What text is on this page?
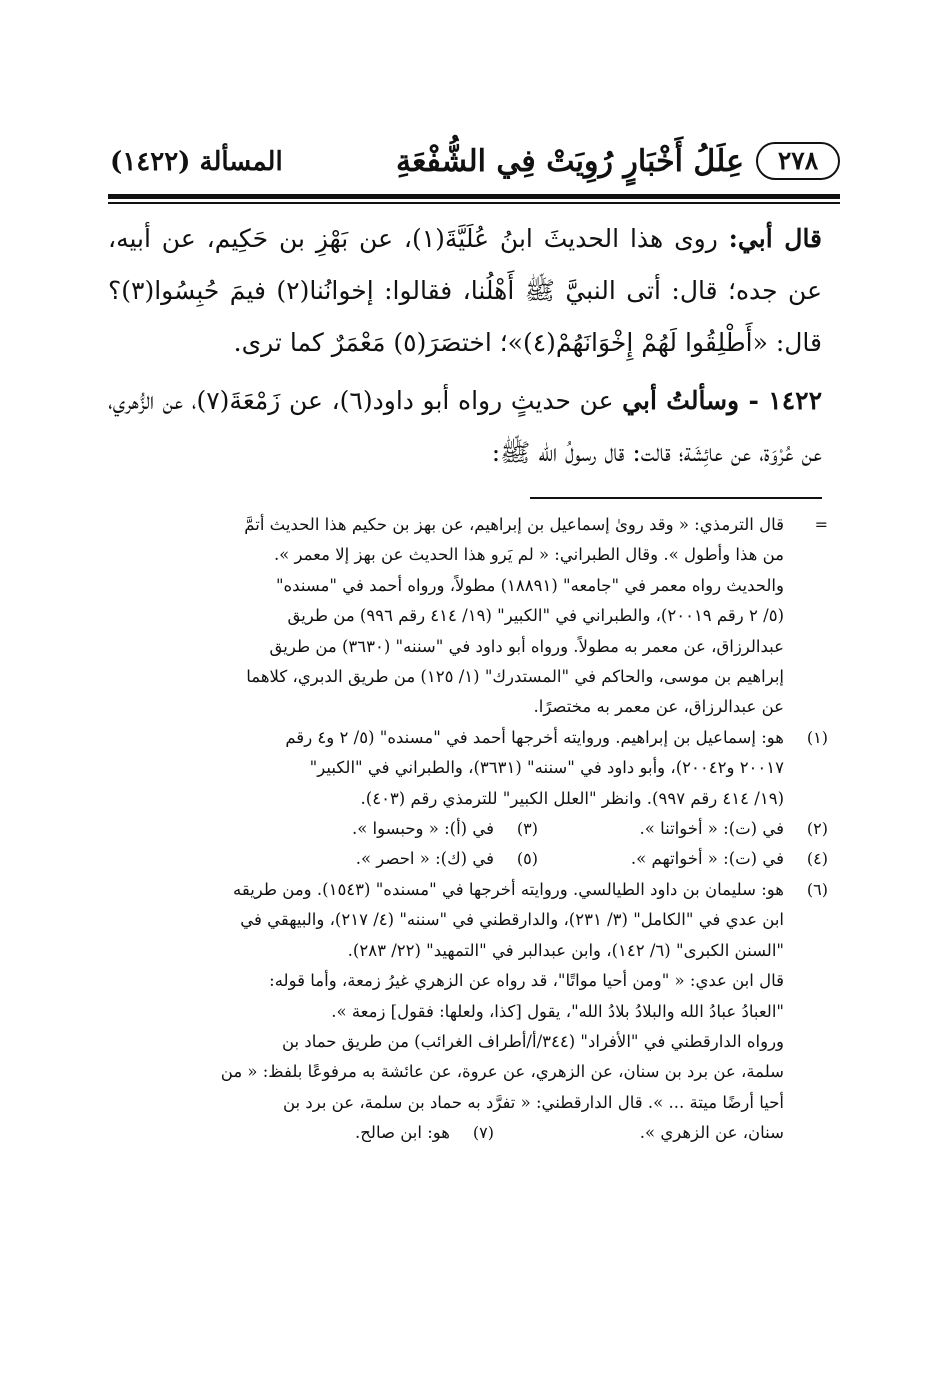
٢٧٨
عِلَلُ أَخْبَارٍ رُوِيَتْ فِي الشُّفْعَةِ
المسألة (١٤٢٢)

قال أبي: روى هذا الحديثَ ابنُ عُلَيَّةَ(١)، عن بَهْزِ بن حَكِيم، عن أبيه، عن جده؛ قال: أتى النبيَّ ﷺ أَهْلُنا، فقالوا: إخوانُنا(٢) فيمَ حُبِسُوا(٣)؟ قال: «أَطْلِقُوا لَهُمْ إِخْوَانَهُمْ(٤)»؛ اختصَرَ(٥) مَعْمَرٌ كما ترى.

١٤٢٢ - وسألتُ أبي عن حديثٍ رواه أبو داود(٦)، عن زَمْعَةَ(٧)، عن الزُّهري، عن عُرْوَة، عن عائِشَة؛ قالت: قال رسولُ الله ﷺ:

=
قال الترمذي: « وقد روىٰ إسماعيل بن إبراهيم، عن بهز بن حكيم هذا الحديث أتمَّ
من هذا وأطول ». وقال الطبراني: « لم يَرو هذا الحديث عن بهز إلا معمر ».
والحديث رواه معمر في "جامعه" (١٨٨٩١) مطولاً، ورواه أحمد في "مسنده"
(٥/ ٢ رقم ٢٠٠١٩)، والطبراني في "الكبير" (١٩/ ٤١٤ رقم ٩٩٦) من طريق
عبدالرزاق، عن معمر به مطولاً. ورواه أبو داود في "سننه" (٣٦٣٠) من طريق
إبراهيم بن موسى، والحاكم في "المستدرك" (١/ ١٢٥) من طريق الدبري، كلاهما
عن عبدالرزاق، عن معمر به مختصرًا.
(١)
هو: إسماعيل بن إبراهيم. وروايته أخرجها أحمد في "مسنده" (٥/ ٢ و٤ رقم
٢٠٠١٧ و٢٠٠٤٢)، وأبو داود في "سننه" (٣٦٣١)، والطبراني في "الكبير"
(١٩/ ٤١٤ رقم ٩٩٧). وانظر "العلل الكبير" للترمذي رقم (٤٠٣).
(٢)
في (ت): « أخواتنا ».
(٣)
في (أ): « وحبسوا ».
(٤)
في (ت): « أخواتهم ».
(٥)
في (ك): « احصر ».
(٦)
هو: سليمان بن داود الطيالسي. وروايته أخرجها في "مسنده" (١٥٤٣). ومن طريقه
ابن عدي في "الكامل" (٣/ ٢٣١)، والدارقطني في "سننه" (٤/ ٢١٧)، والبيهقي في
"السنن الكبرى" (٦/ ١٤٢)، وابن عبدالبر في "التمهيد" (٢٢/ ٢٨٣).
قال ابن عدي: « "ومن أحيا مواتًا"، قد رواه عن الزهري غيرُ زمعة، وأما قوله:
"العبادُ عبادُ الله والبلادُ بلادُ الله"، يقول [كذا، ولعلها: فقول] زمعة ».
ورواه الدارقطني في "الأفراد" (٣٤٤/أ/أطراف الغرائب) من طريق حماد بن
سلمة، عن برد بن سنان، عن الزهري، عن عروة، عن عائشة به مرفوعًا بلفظ: « من
أحيا أرضًا ميتة ... ». قال الدارقطني: « تفرَّد به حماد بن سلمة، عن برد بن
سنان، عن الزهري ».
(٧)
هو: ابن صالح.
